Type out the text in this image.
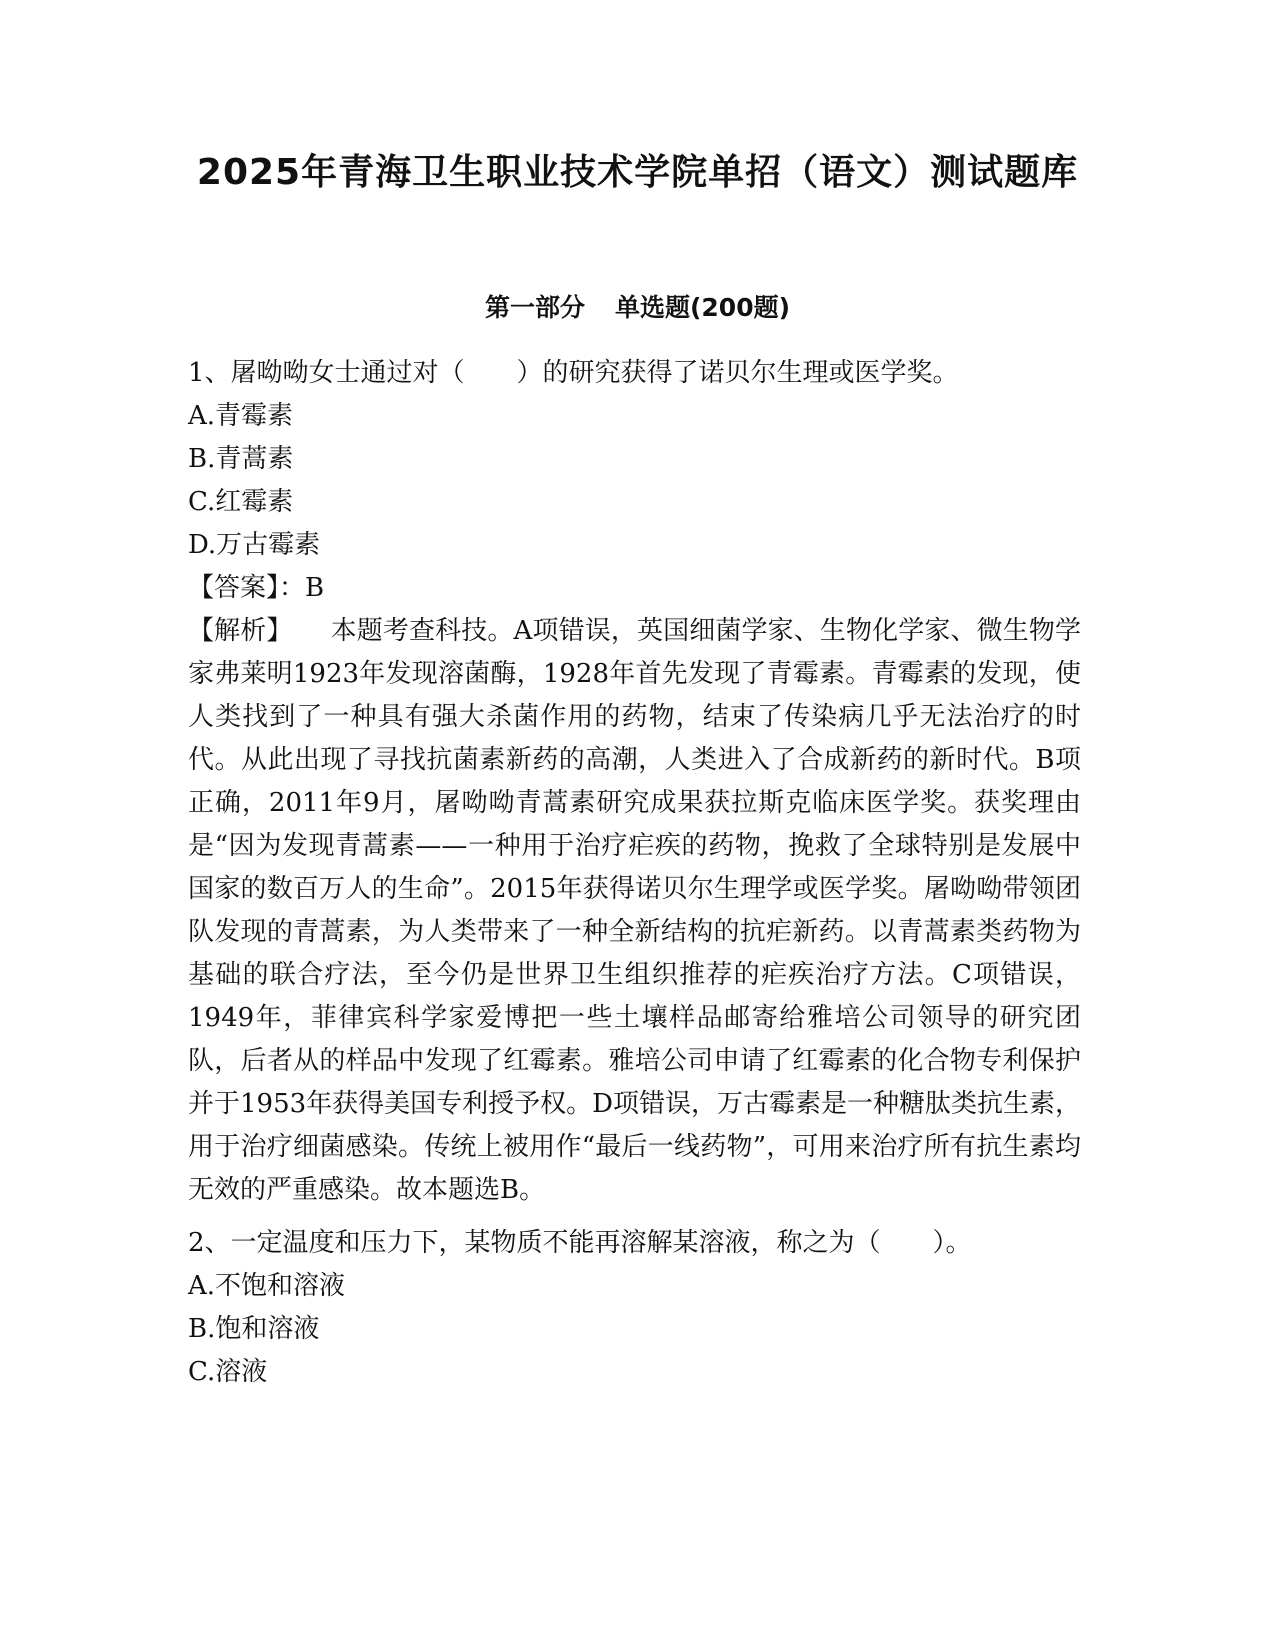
2025年青海卫生职业技术学院单招（语文）测试题库
第一部分 单选题(200题)

1、屠呦呦女士通过对（　　）的研究获得了诺贝尔生理或医学奖。

A.青霉素

B.青蒿素

C.红霉素

D.万古霉素

【答案】：B

【解析】 本题考查科技。A项错误，英国细菌学家、生物化学家、微生物学家弗莱明1923年发现溶菌酶，1928年首先发现了青霉素。青霉素的发现，使人类找到了一种具有强大杀菌作用的药物，结束了传染病几乎无法治疗的时代。从此出现了寻找抗菌素新药的高潮，人类进入了合成新药的新时代。B项正确，2011年9月，屠呦呦青蒿素研究成果获拉斯克临床医学奖。获奖理由是“因为发现青蒿素——一种用于治疗疟疾的药物，挽救了全球特别是发展中国家的数百万人的生命”。2015年获得诺贝尔生理学或医学奖。屠呦呦带领团队发现的青蒿素，为人类带来了一种全新结构的抗疟新药。以青蒿素类药物为基础的联合疗法，至今仍是世界卫生组织推荐的疟疾治疗方法。C项错误，1949年，菲律宾科学家爱博把一些土壤样品邮寄给雅培公司领导的研究团队，后者从的样品中发现了红霉素。雅培公司申请了红霉素的化合物专利保护并于1953年获得美国专利授予权。D项错误，万古霉素是一种糖肽类抗生素，用于治疗细菌感染。传统上被用作“最后一线药物”，可用来治疗所有抗生素均无效的严重感染。故本题选B。

2、一定温度和压力下，某物质不能再溶解某溶液，称之为（　　）。

A.不饱和溶液

B.饱和溶液

C.溶液
